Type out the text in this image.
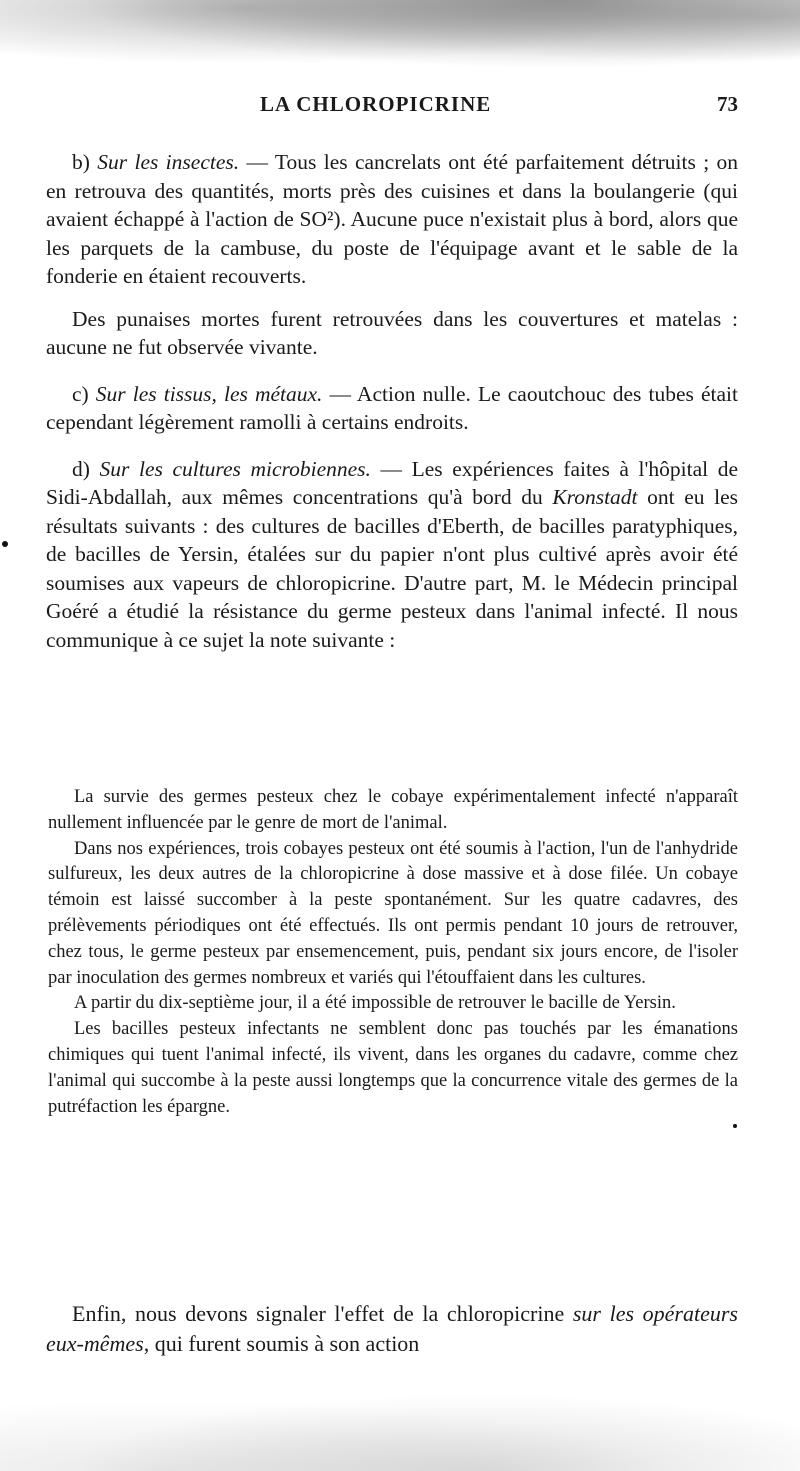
LA CHLOROPICRINE	73

b) Sur les insectes. — Tous les cancrelats ont été parfaitement détruits ; on en retrouva des quantités, morts près des cuisines et dans la boulangerie (qui avaient échappé à l'action de SO²). Aucune puce n'existait plus à bord, alors que les parquets de la cambuse, du poste de l'équipage avant et le sable de la fonderie en étaient recouverts.

Des punaises mortes furent retrouvées dans les couvertures et matelas : aucune ne fut observée vivante.

c) Sur les tissus, les métaux. — Action nulle. Le caoutchouc des tubes était cependant légèrement ramolli à certains endroits.

d) Sur les cultures microbiennes. — Les expériences faites à l'hôpital de Sidi-Abdallah, aux mêmes concentrations qu'à bord du Kronstadt ont eu les résultats suivants : des cultures de bacilles d'Eberth, de bacilles paratyphiques, de bacilles de Yersin, étalées sur du papier n'ont plus cultivé après avoir été soumises aux vapeurs de chloropicrine. D'autre part, M. le Médecin principal Goéré a étudié la résistance du germe pesteux dans l'animal infecté. Il nous communique à ce sujet la note suivante :

La survie des germes pesteux chez le cobaye expérimentalement infecté n'apparaît nullement influencée par le genre de mort de l'animal.

Dans nos expériences, trois cobayes pesteux ont été soumis à l'action, l'un de l'anhydride sulfureux, les deux autres de la chloropicrine à dose massive et à dose filée. Un cobaye témoin est laissé succomber à la peste spontanément. Sur les quatre cadavres, des prélèvements périodiques ont été effectués. Ils ont permis pendant 10 jours de retrouver, chez tous, le germe pesteux par ensemencement, puis, pendant six jours encore, de l'isoler par inoculation des germes nombreux et variés qui l'étouffaient dans les cultures.

A partir du dix-septième jour, il a été impossible de retrouver le bacille de Yersin.

Les bacilles pesteux infectants ne semblent donc pas touchés par les émanations chimiques qui tuent l'animal infecté, ils vivent, dans les organes du cadavre, comme chez l'animal qui succombe à la peste aussi longtemps que la concurrence vitale des germes de la putréfaction les épargne.

Enfin, nous devons signaler l'effet de la chloropicrine sur les opérateurs eux-mêmes, qui furent soumis à son action
